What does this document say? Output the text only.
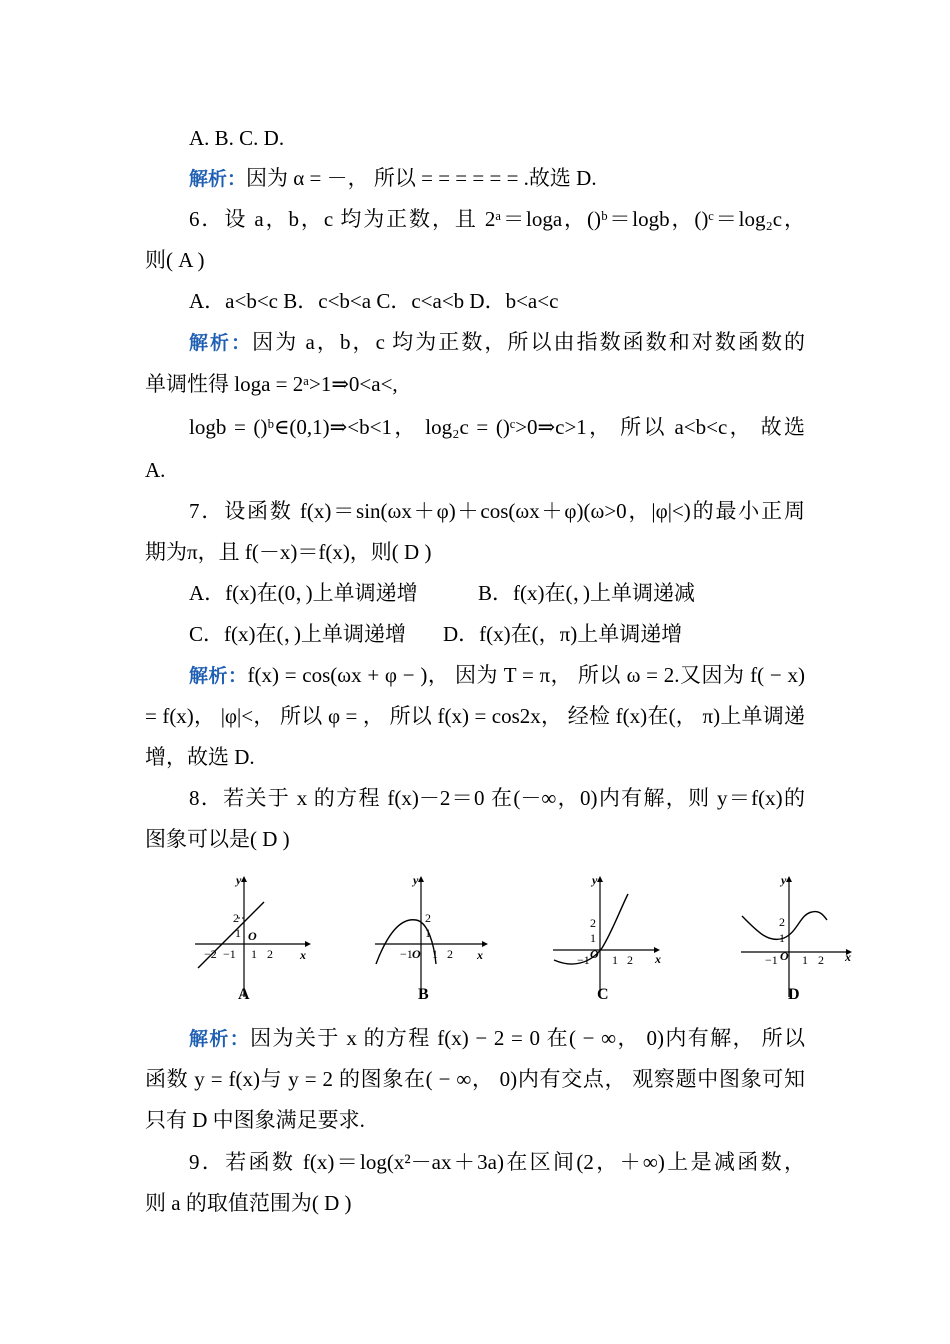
A. B. C. D.
解析：因为 α = －， 所以 = = = = = = .故选 D.
6．设 a，b，c 均为正数，且 2ᵃ＝loga，()ᵇ＝logb，()ᶜ＝log₂c，
则( A )
A．a<b<c B．c<b<a C．c<a<b D．b<a<c
解析：因为 a，b，c 均为正数，所以由指数函数和对数函数的
单调性得 loga = 2ᵃ>1⇒0<a<,
logb = ()ᵇ∈(0,1)⇒<b<1， log₂c = ()ᶜ>0⇒c>1， 所以 a<b<c， 故选
A.
7．设函数 f(x)＝sin(ωx＋φ)＋cos(ωx＋φ)(ω>0，|φ|<)的最小正周
期为π，且 f(－x)＝f(x)，则( D )
A．f(x)在(0，)上单调递增	B．f(x)在(，)上单调递减
C．f(x)在(，)上单调递增 D．f(x)在(，π)上单调递增
解析：f(x) = cos(ωx + φ − )， 因为 T = π， 所以 ω = 2.又因为 f( − x)
= f(x)， |φ|<， 所以 φ = ， 所以 f(x) = cos2x， 经检 f(x)在(， π)上单调递
增，故选 D.
8．若关于 x 的方程 f(x)－2＝0 在(－∞，0)内有解，则 y＝f(x)的
图象可以是( D )
y
x
2
1 O
−2 −1 1 2
A
y
x
2
1
−1 O 1 2
B
y
x
2
1
−1 O 1 2
C
y
x
2
1
−1 O 1 2
D
解析：因为关于 x 的方程 f(x) − 2 = 0 在( − ∞， 0)内有解， 所以
函数 y = f(x)与 y = 2 的图象在( − ∞， 0)内有交点， 观察题中图象可知
只有 D 中图象满足要求.
9．若函数 f(x)＝log(x²－ax＋3a)在区间(2，＋∞)上是减函数，
则 a 的取值范围为( D )
